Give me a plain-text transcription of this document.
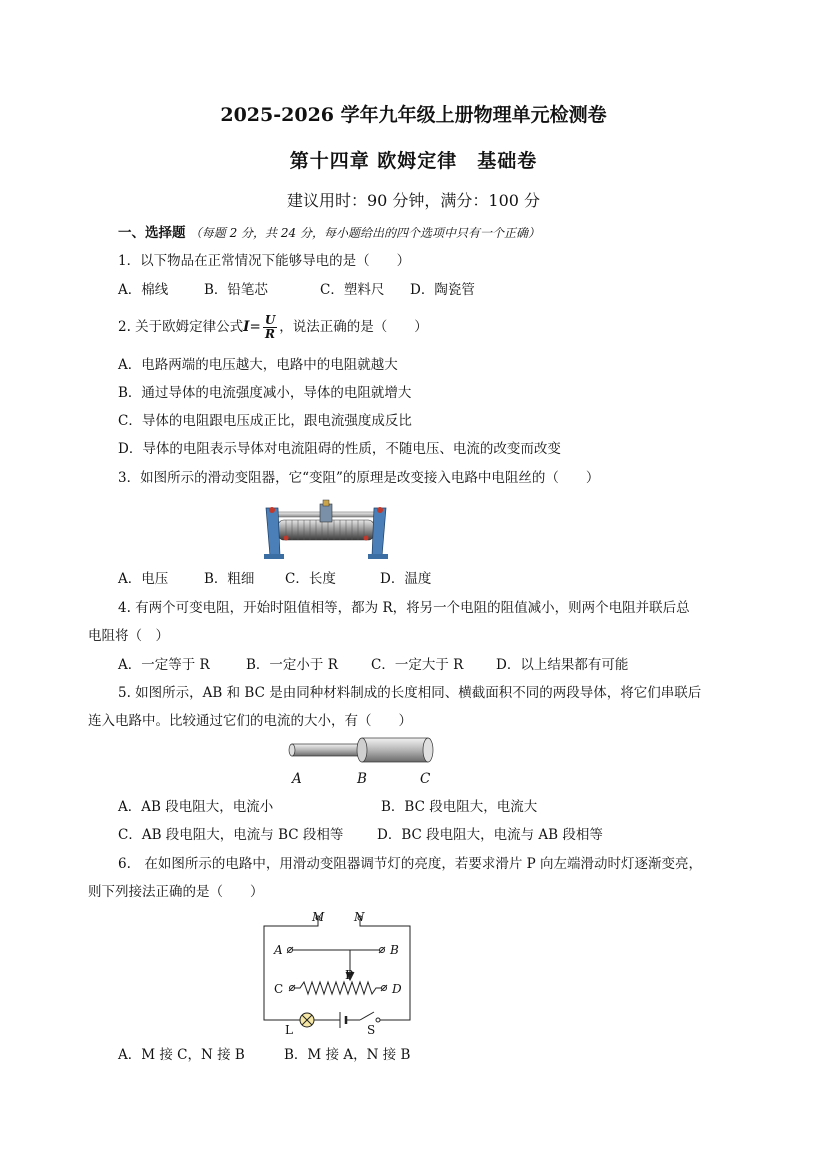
2025-2026 学年九年级上册物理单元检测卷
第十四章 欧姆定律　基础卷
建议用时：90 分钟，满分：100 分
一、选择题 （每题 2 分，共 24 分，每小题给出的四个选项中只有一个正确）
1．以下物品在正常情况下能够导电的是（　　）
A．棉线	B．铅笔芯	C．塑料尺 D．陶瓷管
2. 关于欧姆定律公式$I= \frac{U}{R}$ ，说法正确的是（　　）
A．电路两端的电压越大，电路中的电阻就越大
B．通过导体的电流强度减小，导体的电阻就增大
C．导体的电阻跟电压成正比，跟电流强度成反比
D．导体的电阻表示导体对电流阻碍的性质，不随电压、电流的改变而改变
3．如图所示的滑动变阻器，它“变阻”的原理是改变接入电路中电阻丝的（　　）
A．电压	B．粗细 C．长度	D．温度
4. 有两个可变电阻，开始时阻值相等，都为 R，将另一个电阻的阻值减小，则两个电阻并联后总
电阻将（　）
A．一定等于 R	B．一定小于 R C．一定大于 R D．以上结果都有可能
5. 如图所示，AB 和 BC 是由同种材料制成的长度相同、横截面积不同的两段导体，将它们串联后
连入电路中。比较通过它们的电流的大小，有（　　）
A	B	C
A．AB 段电阻大，电流小	B．BC 段电阻大，电流大
C．AB 段电阻大，电流与 BC 段相等 D．BC 段电阻大，电流与 AB 段相等
6.　在如图所示的电路中，用滑动变阻器调节灯的亮度，若要求滑片 P 向左端滑动时灯逐渐变亮，
则下列接法正确的是（　　）
M N
A	B
P
C	D
L	S
A．M 接 C，N 接 B	B．M 接 A，N 接 B
